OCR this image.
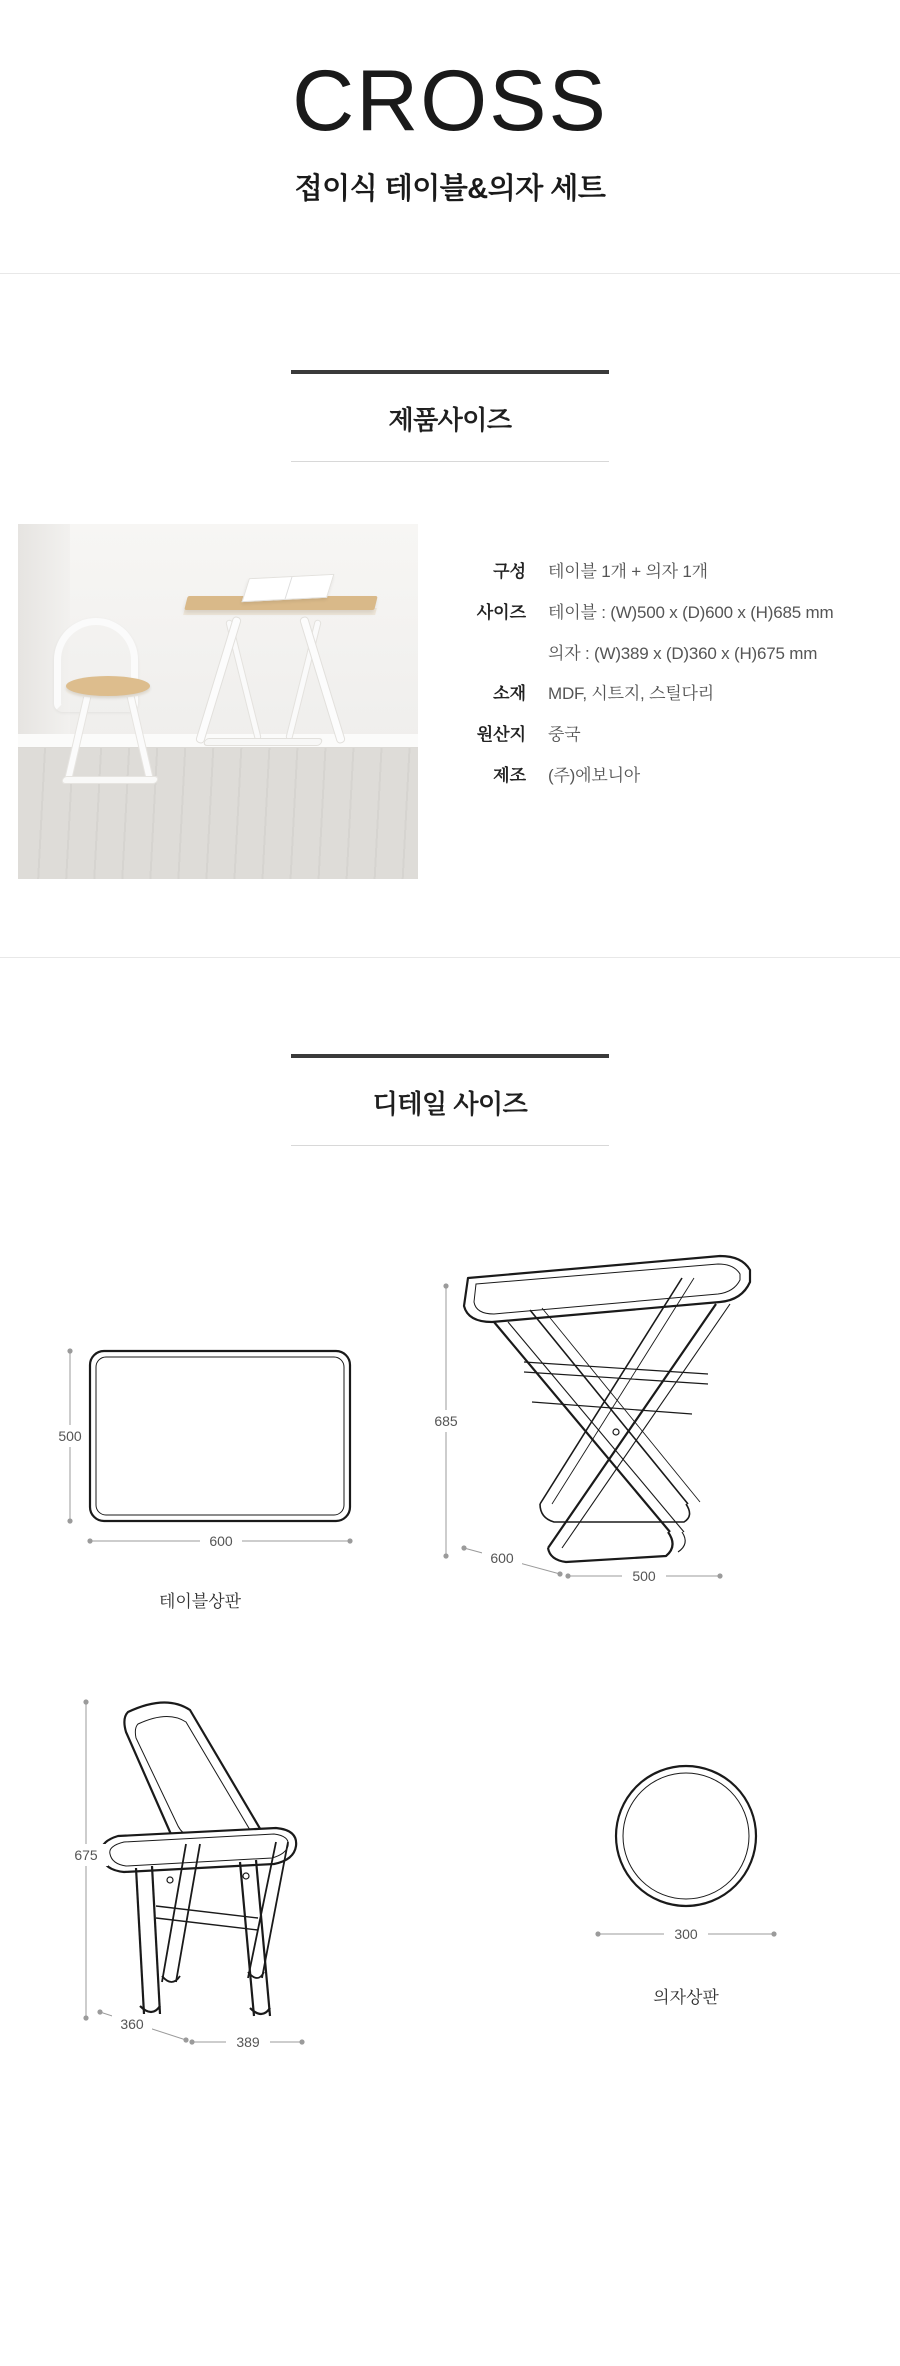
CROSS
접이식 테이블&의자 세트
제품사이즈
구성	테이블 1개 + 의자 1개
사이즈	테이블 : (W)500 x (D)600 x (H)685 mm
의자 : (W)389 x (D)360 x (H)675 mm
소재	MDF, 시트지, 스틸다리
원산지	중국
제조	(주)에보니아
디테일 사이즈
500
600
테이블상판
685
600
500
675
360
389
300
의자상판
